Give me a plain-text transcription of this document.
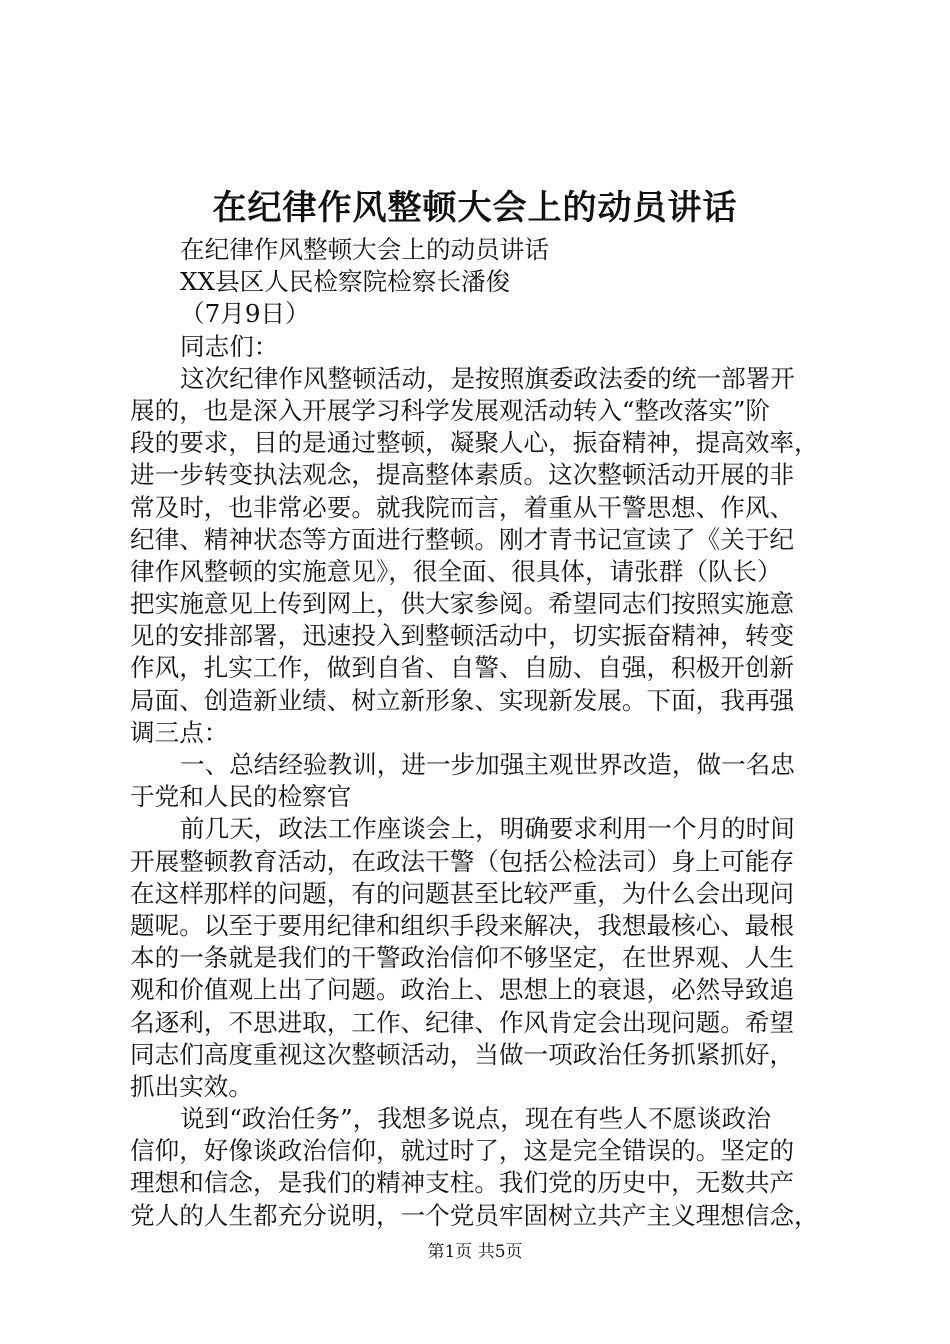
在纪律作风整顿大会上的动员讲话
在纪律作风整顿大会上的动员讲话
XX县区人民检察院检察长潘俊
（7月9日）
同志们：
这次纪律作风整顿活动，是按照旗委政法委的统一部署开
展的，也是深入开展学习科学发展观活动转入“整改落实”阶
段的要求，目的是通过整顿，凝聚人心，振奋精神，提高效率，
进一步转变执法观念，提高整体素质。这次整顿活动开展的非
常及时，也非常必要。就我院而言，着重从干警思想、作风、
纪律、精神状态等方面进行整顿。刚才青书记宣读了《关于纪
律作风整顿的实施意见》，很全面、很具体，请张群（队长）
把实施意见上传到网上，供大家参阅。希望同志们按照实施意
见的安排部署，迅速投入到整顿活动中，切实振奋精神，转变
作风，扎实工作，做到自省、自警、自励、自强，积极开创新
局面、创造新业绩、树立新形象、实现新发展。下面，我再强
调三点：
一、总结经验教训，进一步加强主观世界改造，做一名忠
于党和人民的检察官
前几天，政法工作座谈会上，明确要求利用一个月的时间
开展整顿教育活动，在政法干警（包括公检法司）身上可能存
在这样那样的问题，有的问题甚至比较严重，为什么会出现问
题呢。以至于要用纪律和组织手段来解决，我想最核心、最根
本的一条就是我们的干警政治信仰不够坚定，在世界观、人生
观和价值观上出了问题。政治上、思想上的衰退，必然导致追
名逐利，不思进取，工作、纪律、作风肯定会出现问题。希望
同志们高度重视这次整顿活动，当做一项政治任务抓紧抓好，
抓出实效。
说到“政治任务”，我想多说点，现在有些人不愿谈政治
信仰，好像谈政治信仰，就过时了，这是完全错误的。坚定的
理想和信念，是我们的精神支柱。我们党的历史中，无数共产
党人的人生都充分说明，一个党员牢固树立共产主义理想信念，
第1页 共5页
